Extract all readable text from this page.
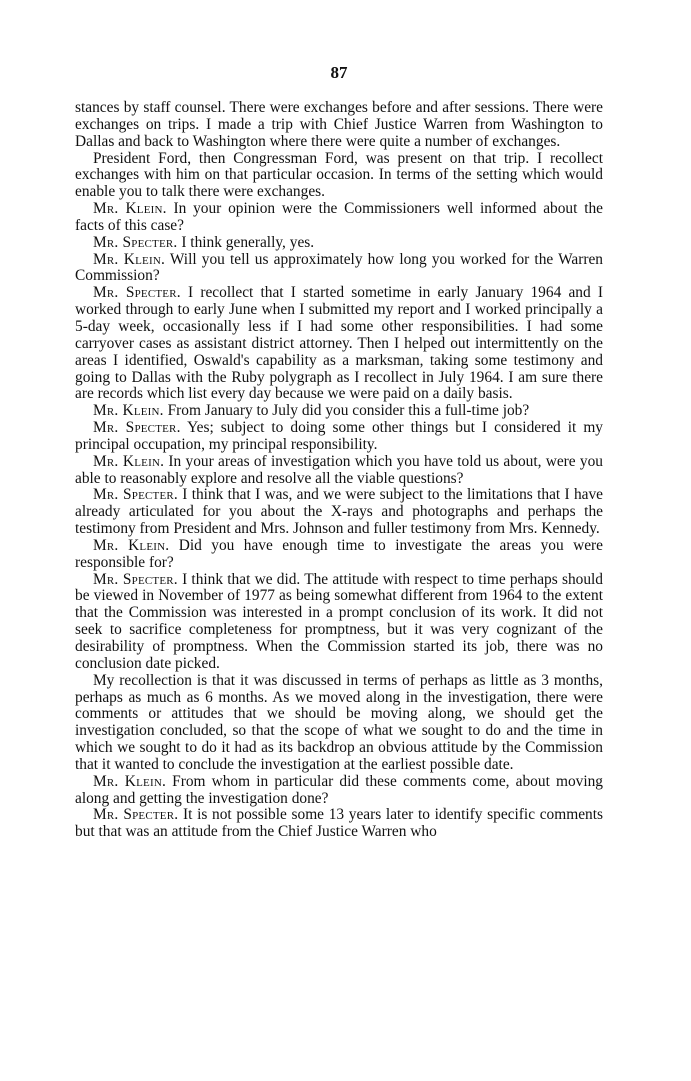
87

stances by staff counsel. There were exchanges before and after sessions. There were exchanges on trips. I made a trip with Chief Justice Warren from Washington to Dallas and back to Washington where there were quite a number of exchanges.

President Ford, then Congressman Ford, was present on that trip. I recollect exchanges with him on that particular occasion. In terms of the setting which would enable you to talk there were exchanges.

Mr. Klein. In your opinion were the Commissioners well informed about the facts of this case?

Mr. Specter. I think generally, yes.

Mr. Klein. Will you tell us approximately how long you worked for the Warren Commission?

Mr. Specter. I recollect that I started sometime in early January 1964 and I worked through to early June when I submitted my report and I worked principally a 5-day week, occasionally less if I had some other responsibilities. I had some carryover cases as assistant district attorney. Then I helped out intermittently on the areas I identified, Oswald's capability as a marksman, taking some testimony and going to Dallas with the Ruby polygraph as I recollect in July 1964. I am sure there are records which list every day because we were paid on a daily basis.

Mr. Klein. From January to July did you consider this a full-time job?

Mr. Specter. Yes; subject to doing some other things but I considered it my principal occupation, my principal responsibility.

Mr. Klein. In your areas of investigation which you have told us about, were you able to reasonably explore and resolve all the viable questions?

Mr. Specter. I think that I was, and we were subject to the limitations that I have already articulated for you about the X-rays and photographs and perhaps the testimony from President and Mrs. Johnson and fuller testimony from Mrs. Kennedy.

Mr. Klein. Did you have enough time to investigate the areas you were responsible for?

Mr. Specter. I think that we did. The attitude with respect to time perhaps should be viewed in November of 1977 as being somewhat different from 1964 to the extent that the Commission was interested in a prompt conclusion of its work. It did not seek to sacrifice completeness for promptness, but it was very cognizant of the desirability of promptness. When the Commission started its job, there was no conclusion date picked.

My recollection is that it was discussed in terms of perhaps as little as 3 months, perhaps as much as 6 months. As we moved along in the investigation, there were comments or attitudes that we should be moving along, we should get the investigation concluded, so that the scope of what we sought to do and the time in which we sought to do it had as its backdrop an obvious attitude by the Commission that it wanted to conclude the investigation at the earliest possible date.

Mr. Klein. From whom in particular did these comments come, about moving along and getting the investigation done?

Mr. Specter. It is not possible some 13 years later to identify specific comments but that was an attitude from the Chief Justice Warren who
